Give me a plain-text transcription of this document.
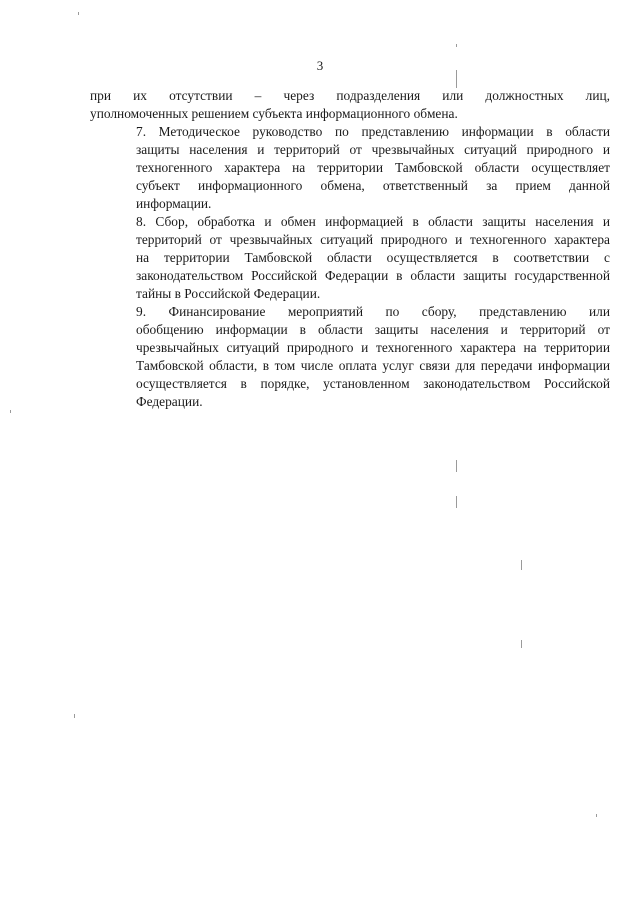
3

при их отсутствии – через подразделения или должностных лиц,
уполномоченных решением субъекта информационного обмена.

7. Методическое руководство по представлению информации в области
защиты населения и территорий от чрезвычайных ситуаций природного и
техногенного характера на территории Тамбовской области осуществляет
субъект информационного обмена, ответственный за прием данной
информации.

8. Сбор, обработка и обмен информацией в области защиты населения и
территорий от чрезвычайных ситуаций природного и техногенного характера
на территории Тамбовской области осуществляется в соответствии с
законодательством Российской Федерации в области защиты государственной
тайны в Российской Федерации.

9. Финансирование мероприятий по сбору, представлению или
обобщению информации в области защиты населения и территорий от
чрезвычайных ситуаций природного и техногенного характера на территории
Тамбовской области, в том числе оплата услуг связи для передачи информации
осуществляется в порядке, установленном законодательством Российской
Федерации.
